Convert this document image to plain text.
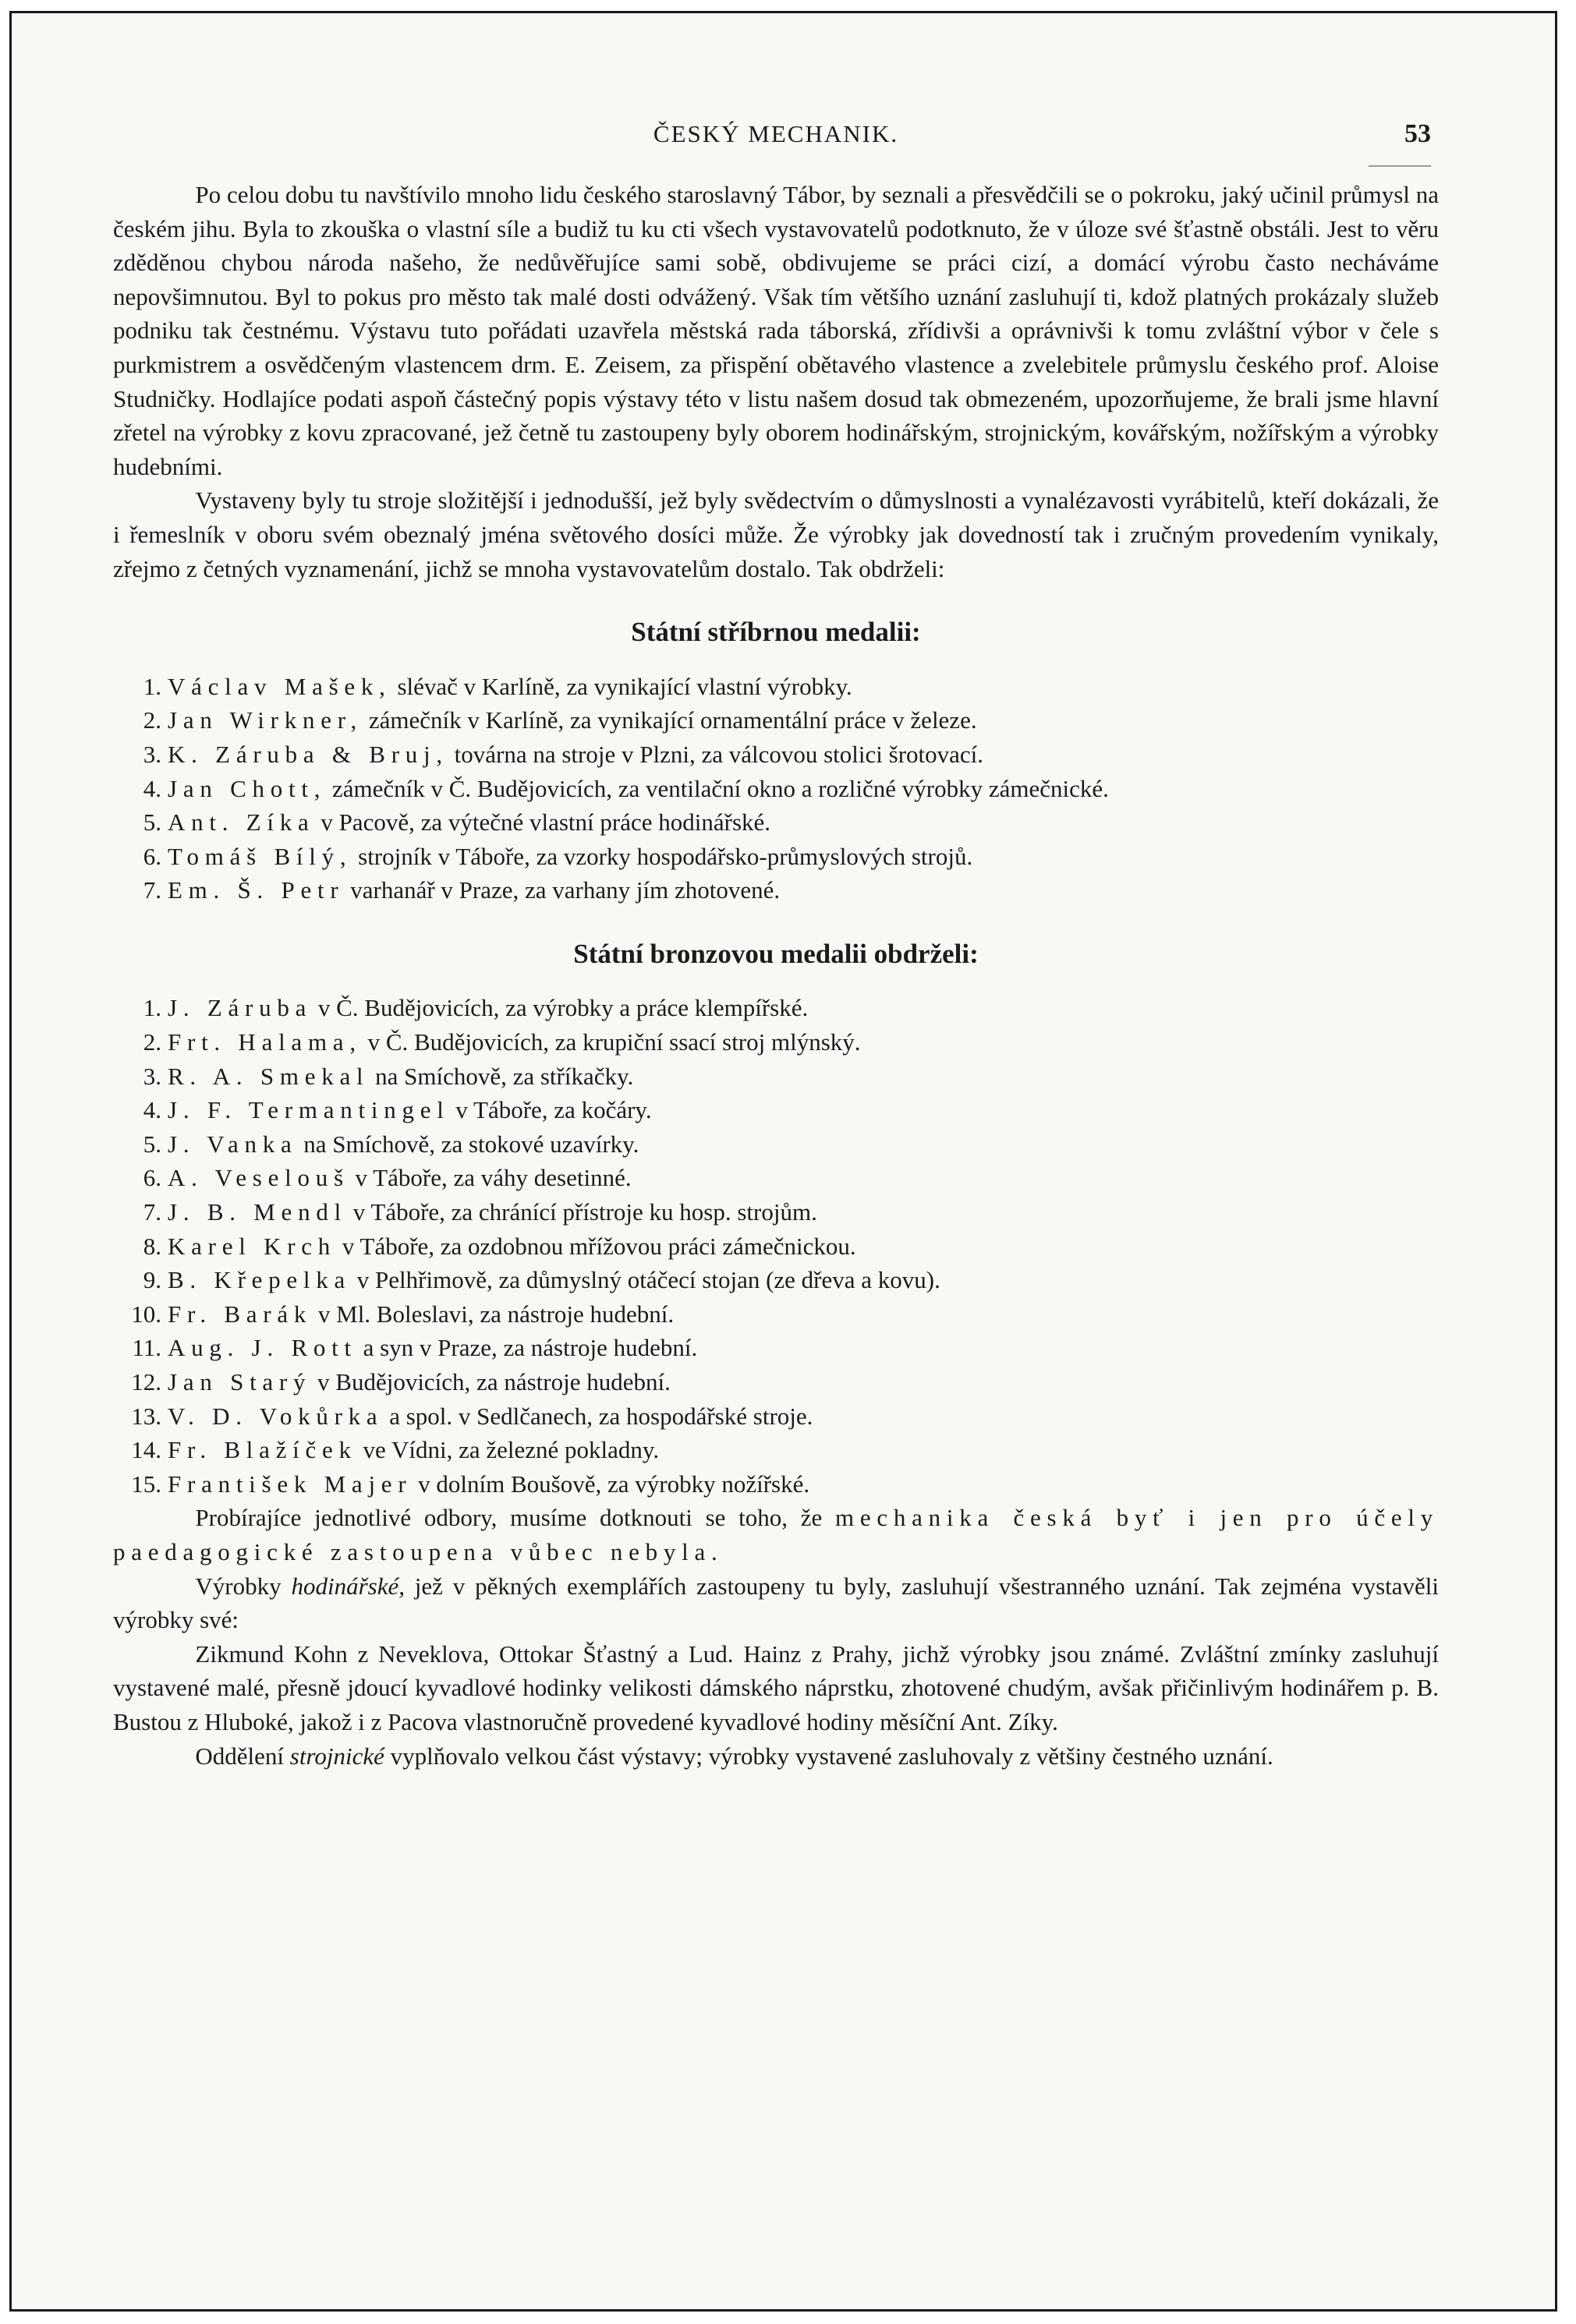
ČESKÝ MECHANIK.	53

Po celou dobu tu navštívilo mnoho lidu českého staroslavný Tábor, by seznali a přesvědčili se o pokroku, jaký učinil průmysl na českém jihu. Byla to zkouška o vlastní síle a budiž tu ku cti všech vystavovatelů podotknuto, že v úloze své šťastně obstáli. Jest to věru zděděnou chybou národa našeho, že nedůvěřujíce sami sobě, obdivujeme se práci cizí, a domácí výrobu často necháváme nepovšimnutou. Byl to pokus pro město tak malé dosti odvážený. Však tím většího uznání zasluhují ti, kdož platných prokázaly služeb podniku tak čestnému. Výstavu tuto pořádati uzavřela městská rada táborská, zřídivši a oprávnivši k tomu zvláštní výbor v čele s purkmistrem a osvědčeným vlastencem drm. E. Zeisem, za přispění obětavého vlastence a zvelebitele průmyslu českého prof. Aloise Studničky. Hodlajíce podati aspoň částečný popis výstavy této v listu našem dosud tak obmezeném, upozorňujeme, že brali jsme hlavní zřetel na výrobky z kovu zpracované, jež četně tu zastoupeny byly oborem hodinářským, strojnickým, kovářským, nožířským a výrobky hudebními.

Vystaveny byly tu stroje složitější i jednodušší, jež byly svědectvím o důmyslnosti a vynalézavosti vyrábitelů, kteří dokázali, že i řemeslník v oboru svém obeznalý jména světového dosíci může. Že výrobky jak dovedností tak i zručným provedením vynikaly, zřejmo z četných vyznamenání, jichž se mnoha vystavovatelům dostalo. Tak obdrželi:

Státní stříbrnou medalii:
1. Václav Mašek, slévač v Karlíně, za vynikající vlastní výrobky.
2. Jan Wirkner, zámečník v Karlíně, za vynikající ornamentální práce v železe.
3. K. Záruba & Bruj, továrna na stroje v Plzni, za válcovou stolici šrotovací.
4. Jan Chott, zámečník v Č. Budějovicích, za ventilační okno a rozličné výrobky zámečnické.
5. Ant. Zíka v Pacově, za výtečné vlastní práce hodinářské.
6. Tomáš Bílý, strojník v Táboře, za vzorky hospodářsko-průmyslových strojů.
7. Em. Š. Petr varhanář v Praze, za varhany jím zhotovené.
Státní bronzovou medalii obdrželi:
1. J. Záruba v Č. Budějovicích, za výrobky a práce klempířské.
2. Frt. Halama, v Č. Budějovicích, za krupiční ssací stroj mlýnský.
3. R. A. Smekal na Smíchově, za stříkačky.
4. J. F. Termantingel v Táboře, za kočáry.
5. J. Vanka na Smíchově, za stokové uzavírky.
6. A. Veselouš v Táboře, za váhy desetinné.
7. J. B. Mendl v Táboře, za chránící přístroje ku hosp. strojům.
8. Karel Krch v Táboře, za ozdobnou mřížovou práci zámečnickou.
9. B. Křepelka v Pelhřimově, za důmyslný otáčecí stojan (ze dřeva a kovu).
10. Fr. Barák v Ml. Boleslavi, za nástroje hudební.
11. Aug. J. Rott a syn v Praze, za nástroje hudební.
12. Jan Starý v Budějovicích, za nástroje hudební.
13. V. D. Vokůrka a spol. v Sedlčanech, za hospodářské stroje.
14. Fr. Blažíček ve Vídni, za železné pokladny.
15. František Majer v dolním Boušově, za výrobky nožířské.

Probírajíce jednotlivé odbory, musíme dotknouti se toho, že mechanika česká byť i jen pro účely paedagogické zastoupena vůbec nebyla.

Výrobky hodinářské, jež v pěkných exemplářích zastoupeny tu byly, zasluhují všestranného uznání. Tak zejména vystavěli výrobky své:

Zikmund Kohn z Neveklova, Ottokar Šťastný a Lud. Hainz z Prahy, jichž výrobky jsou známé. Zvláštní zmínky zasluhují vystavené malé, přesně jdoucí kyvadlové hodinky velikosti dámského náprstku, zhotovené chudým, avšak přičinlivým hodinářem p. B. Bustou z Hluboké, jakož i z Pacova vlastnoručně provedené kyvadlové hodiny měsíční Ant. Zíky.

Oddělení strojnické vyplňovalo velkou část výstavy; výrobky vystavené zasluhovaly z většiny čestného uznání.
